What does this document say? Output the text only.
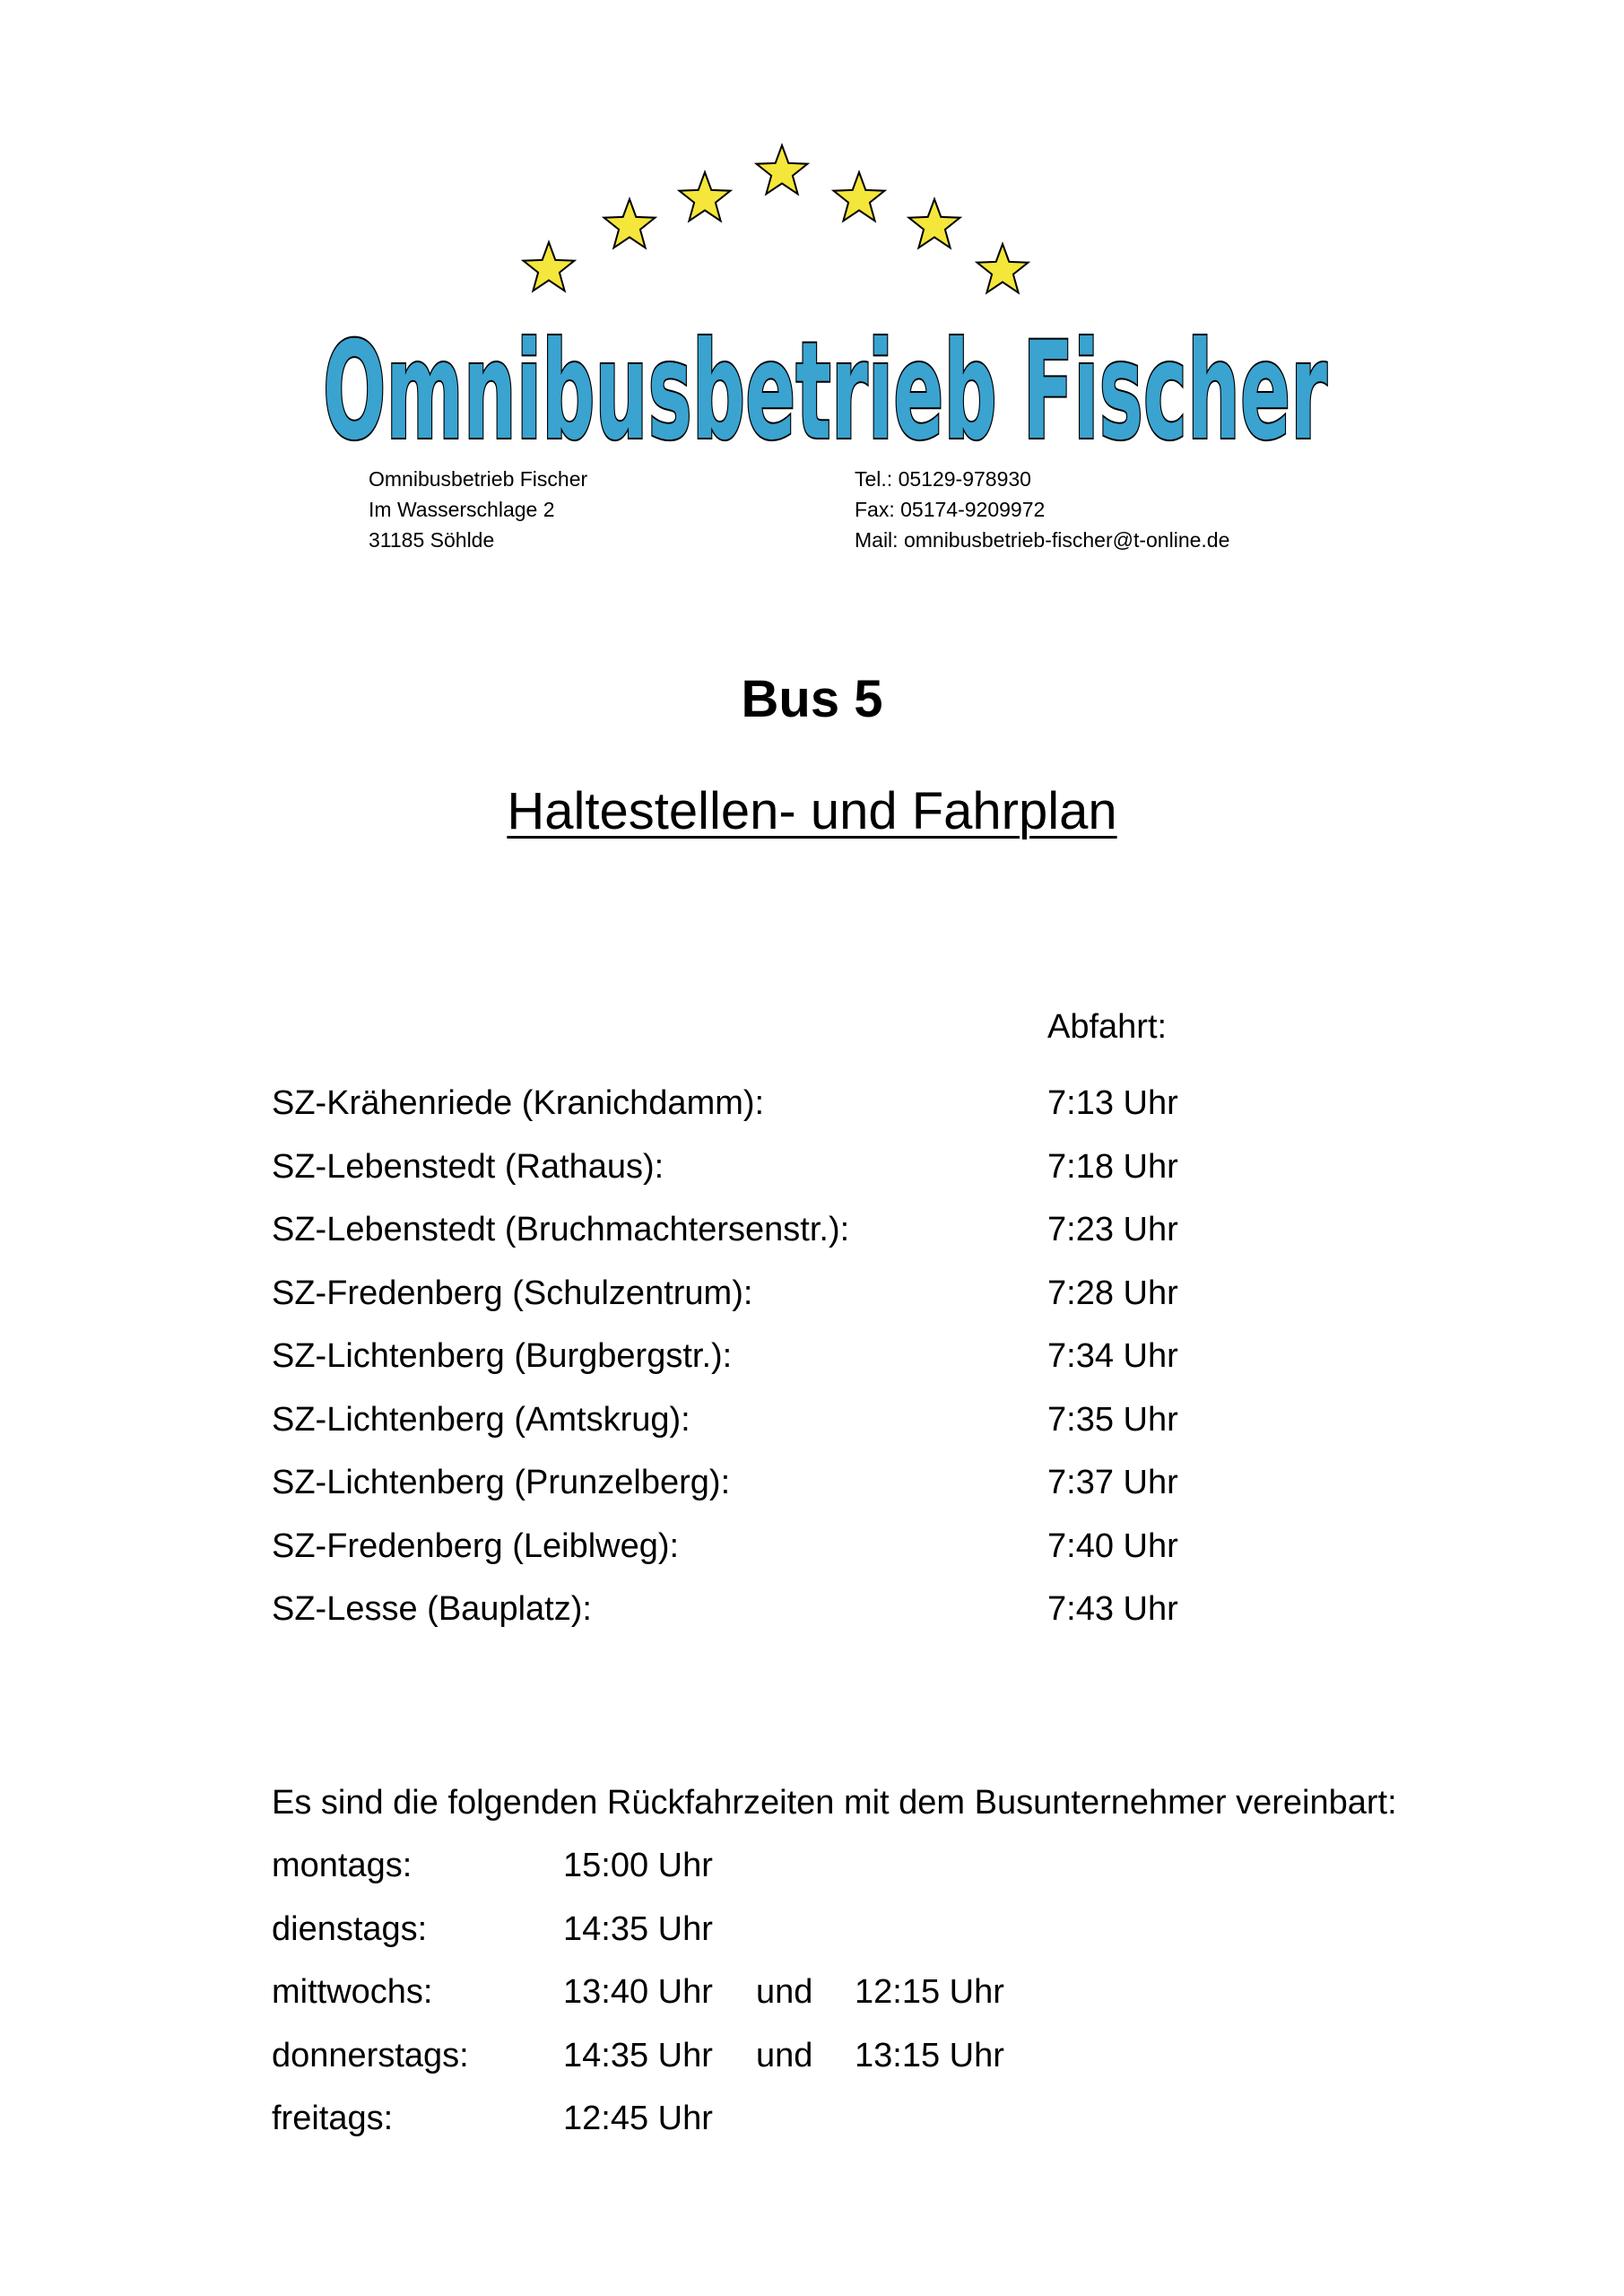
Omnibusbetrieb Fischer
Omnibusbetrieb Fischer
Im Wasserschlage 2
31185 Söhlde
Tel.: 05129-978930
Fax: 05174-9209972
Mail: omnibusbetrieb-fischer@t-online.de
Bus 5
Haltestellen- und Fahrplan
Abfahrt:
SZ-Krähenriede (Kranichdamm):	7:13 Uhr
SZ-Lebenstedt (Rathaus):	7:18 Uhr
SZ-Lebenstedt (Bruchmachtersenstr.):	7:23 Uhr
SZ-Fredenberg (Schulzentrum):	7:28 Uhr
SZ-Lichtenberg (Burgbergstr.):	7:34 Uhr
SZ-Lichtenberg (Amtskrug):	7:35 Uhr
SZ-Lichtenberg (Prunzelberg):	7:37 Uhr
SZ-Fredenberg (Leiblweg):	7:40 Uhr
SZ-Lesse (Bauplatz):	7:43 Uhr
Es sind die folgenden Rückfahrzeiten mit dem Busunternehmer vereinbart:
montags:	15:00 Uhr
dienstags:	14:35 Uhr
mittwochs:	13:40 Uhr und 12:15 Uhr
donnerstags:	14:35 Uhr und 13:15 Uhr
freitags:	12:45 Uhr
